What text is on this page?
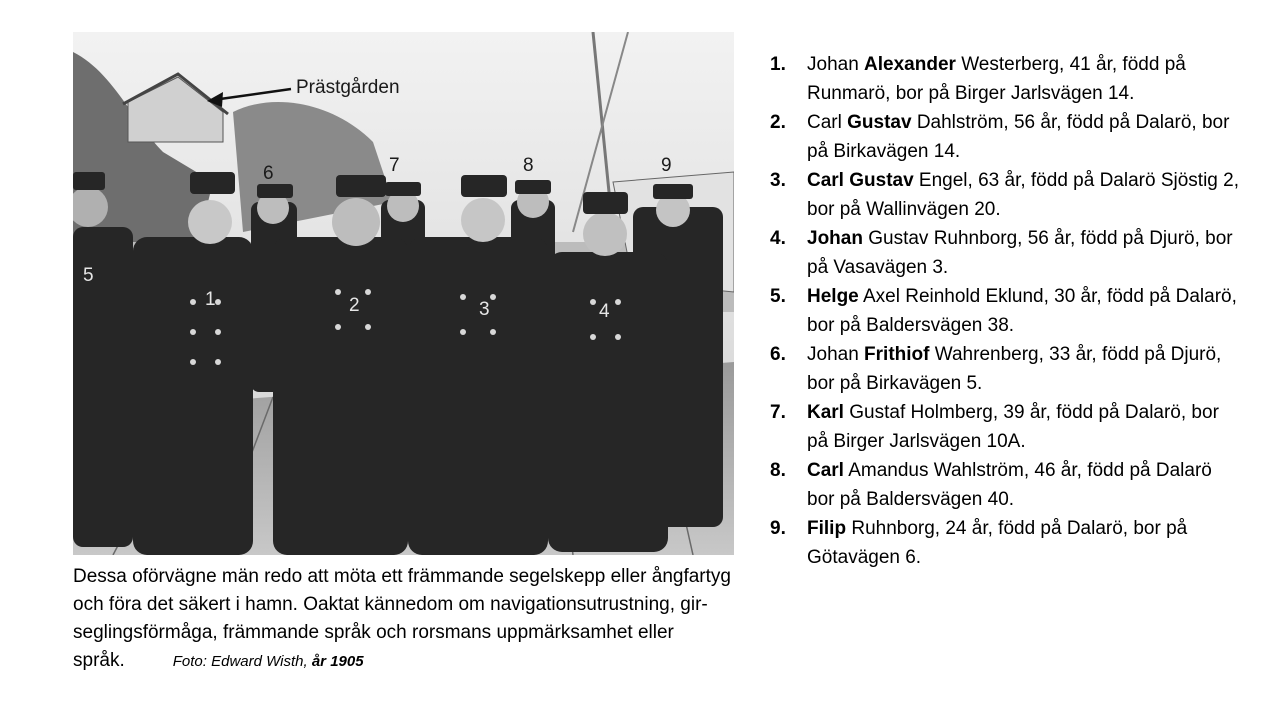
Prästgården
6	7	8	9
5
1	2	3	4
Dessa oförvägne män redo att möta ett främmande segelskepp eller ångfartyg och föra det säkert i hamn. Oaktat kännedom om navigationsutrustning, gir-seglingsförmåga, främmande språk och rorsmans uppmärksamhet eller språk.	Foto: Edward Wisth, år 1905
1. Johan Alexander Westerberg, 41 år, född på Runmarö, bor på Birger Jarlsvägen 14.
2. Carl Gustav Dahlström, 56 år, född på Dalarö, bor på Birkavägen 14.
3. Carl Gustav Engel, 63 år, född på Dalarö Sjöstig 2, bor på Wallinvägen 20.
4. Johan Gustav Ruhnborg, 56 år, född på Djurö, bor på Vasavägen 3.
5. Helge Axel Reinhold Eklund, 30 år, född på Dalarö, bor på Baldersvägen 38.
6. Johan Frithiof Wahrenberg, 33 år, född på Djurö, bor på Birkavägen 5.
7. Karl Gustaf Holmberg, 39 år, född på Dalarö, bor på Birger Jarlsvägen 10A.
8. Carl Amandus Wahlström, 46 år, född på Dalarö bor på Baldersvägen 40.
9. Filip Ruhnborg, 24 år, född på Dalarö, bor på Götavägen 6.
